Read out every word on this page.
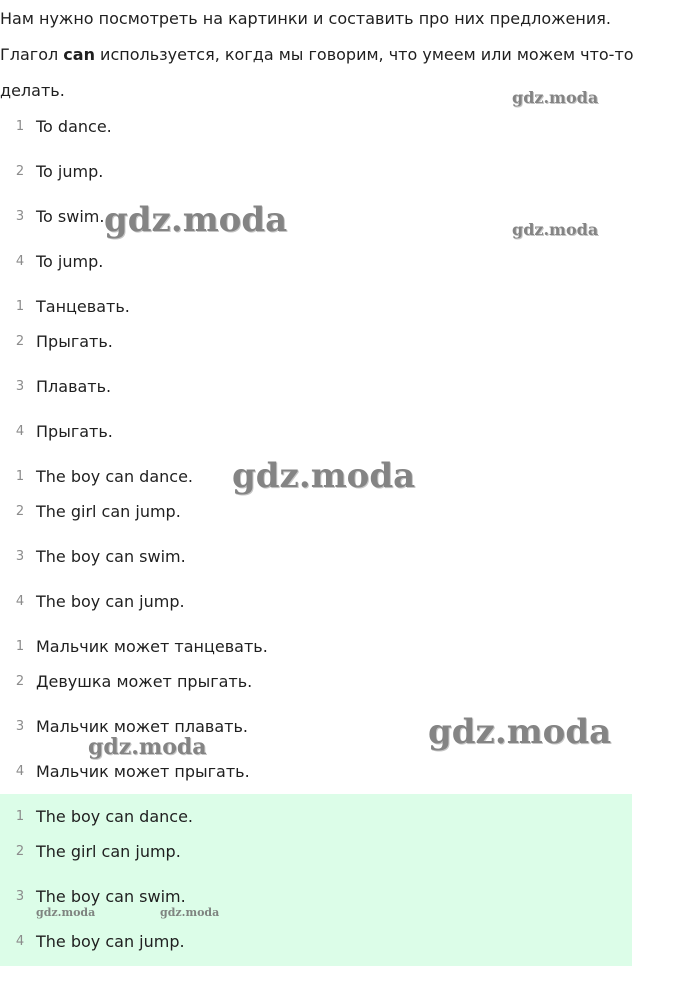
Нам нужно посмотреть на картинки и составить про них предложения.

Глагол can используется, когда мы говорим, что умеем или можем что-то

делать.

1 To dance.
2 To jump.
3 To swim.
4 To jump.
1 Танцевать.
2 Прыгать.
3 Плавать.
4 Прыгать.
1 The boy can dance.
2 The girl can jump.
3 The boy can swim.
4 The boy can jump.
1 Мальчик может танцевать.
2 Девушка может прыгать.
3 Мальчик может плавать.
4 Мальчик может прыгать.
1 The boy can dance.
2 The girl can jump.
3 The boy can swim.
4 The boy can jump.
gdz.moda
gdz.moda	gdz.moda
gdz.moda
gdz.moda
gdz.moda
gdz.moda	gdz.moda
